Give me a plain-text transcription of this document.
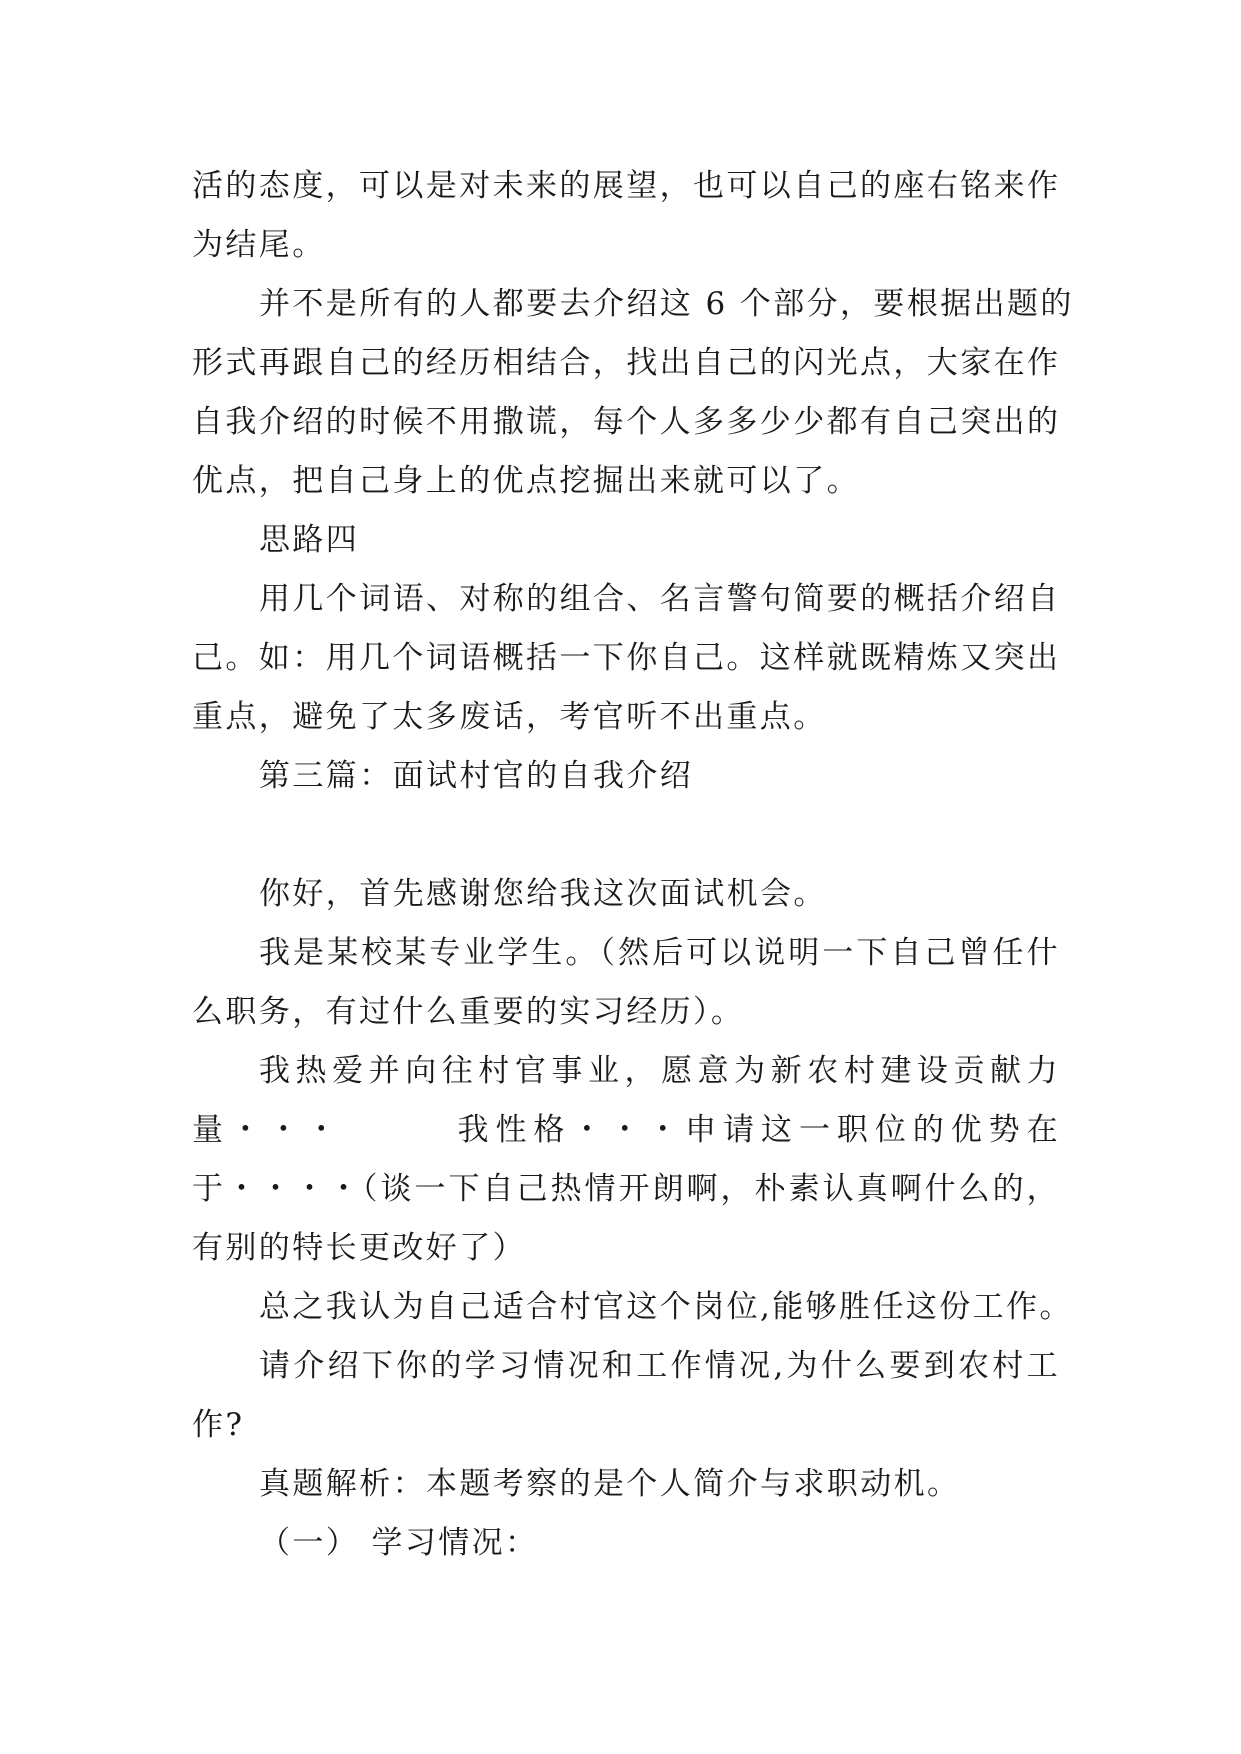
活的态度，可以是对未来的展望，也可以自己的座右铭来作
为结尾。
并不是所有的人都要去介绍这 6 个部分，要根据出题的
形式再跟自己的经历相结合，找出自己的闪光点，大家在作
自我介绍的时候不用撒谎，每个人多多少少都有自己突出的
优点，把自己身上的优点挖掘出来就可以了。
思路四
用几个词语、对称的组合、名言警句简要的概括介绍自
己。如：用几个词语概括一下你自己。这样就既精炼又突出
重点，避免了太多废话，考官听不出重点。
第三篇：面试村官的自我介绍
你好，首先感谢您给我这次面试机会。
我是某校某专业学生。（然后可以说明一下自己曾任什
么职务，有过什么重要的实习经历）。
我热爱并向往村官事业，愿意为新农村建设贡献力
量・・・　　　我性格・・・申请这一职位的优势在
于・・・・（谈一下自己热情开朗啊，朴素认真啊什么的，
有别的特长更改好了）
总之我认为自己适合村官这个岗位,能够胜任这份工作。
请介绍下你的学习情况和工作情况,为什么要到农村工
作?
真题解析：本题考察的是个人简介与求职动机。
（一） 学习情况：
